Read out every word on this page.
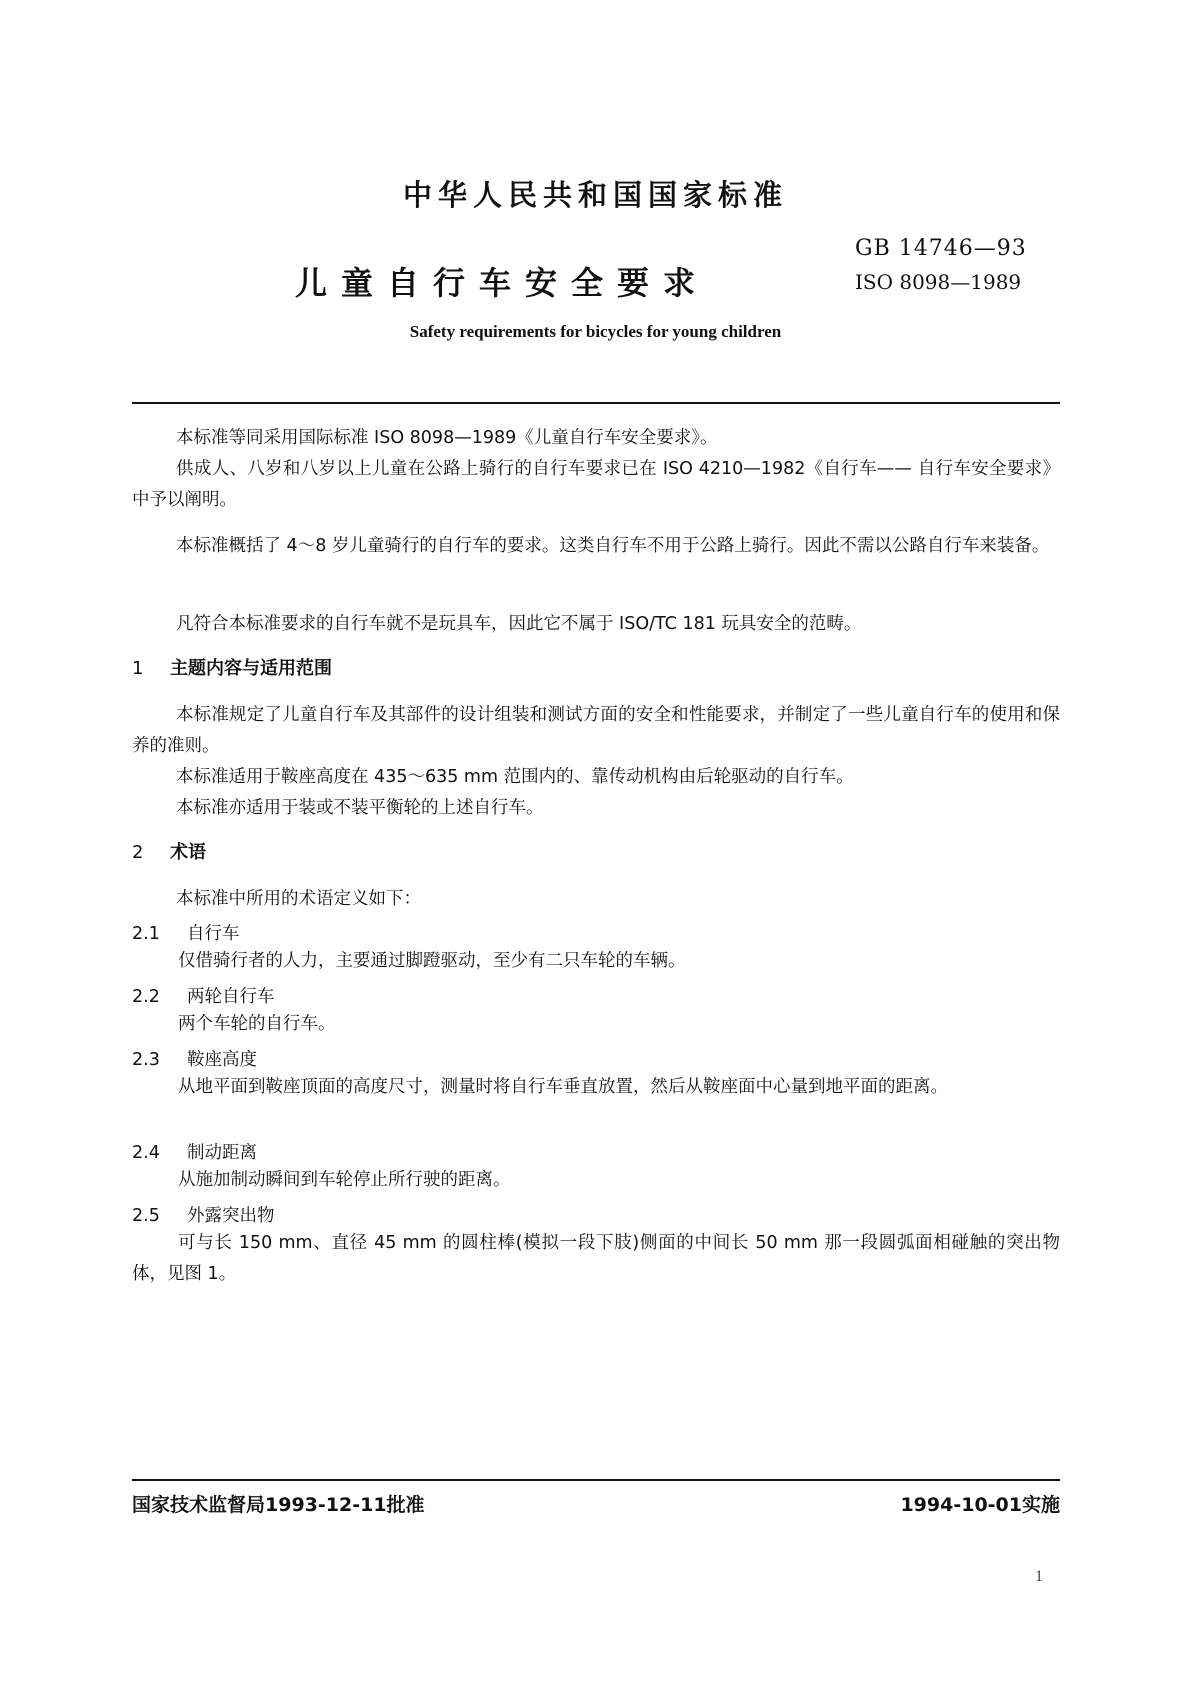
中华人民共和国国家标准
儿童自行车安全要求
GB 14746—93
ISO 8098—1989
Safety requirements for bicycles for young children

本标准等同采用国际标准 ISO 8098—1989《儿童自行车安全要求》。

供成人、八岁和八岁以上儿童在公路上骑行的自行车要求已在 ISO 4210—1982《自行车—— 自行车安全要求》中予以阐明。

本标准概括了 4～8 岁儿童骑行的自行车的要求。这类自行车不用于公路上骑行。因此不需以公路自行车来装备。

凡符合本标准要求的自行车就不是玩具车，因此它不属于 ISO/TC 181 玩具安全的范畴。

1 主题内容与适用范围

本标准规定了儿童自行车及其部件的设计组装和测试方面的安全和性能要求，并制定了一些儿童自行车的使用和保养的准则。

本标准适用于鞍座高度在 435～635 mm 范围内的、靠传动机构由后轮驱动的自行车。

本标准亦适用于装或不装平衡轮的上述自行车。

2 术语

本标准中所用的术语定义如下：

2.1 自行车

仅借骑行者的人力，主要通过脚蹬驱动，至少有二只车轮的车辆。

2.2 两轮自行车

两个车轮的自行车。

2.3 鞍座高度

从地平面到鞍座顶面的高度尺寸，测量时将自行车垂直放置，然后从鞍座面中心量到地平面的距离。

2.4 制动距离

从施加制动瞬间到车轮停止所行驶的距离。

2.5 外露突出物

可与长 150 mm、直径 45 mm 的圆柱棒(模拟一段下肢)侧面的中间长 50 mm 那一段圆弧面相碰触的突出物体，见图 1。

国家技术监督局1993-12-11批准	1994-10-01实施
1
